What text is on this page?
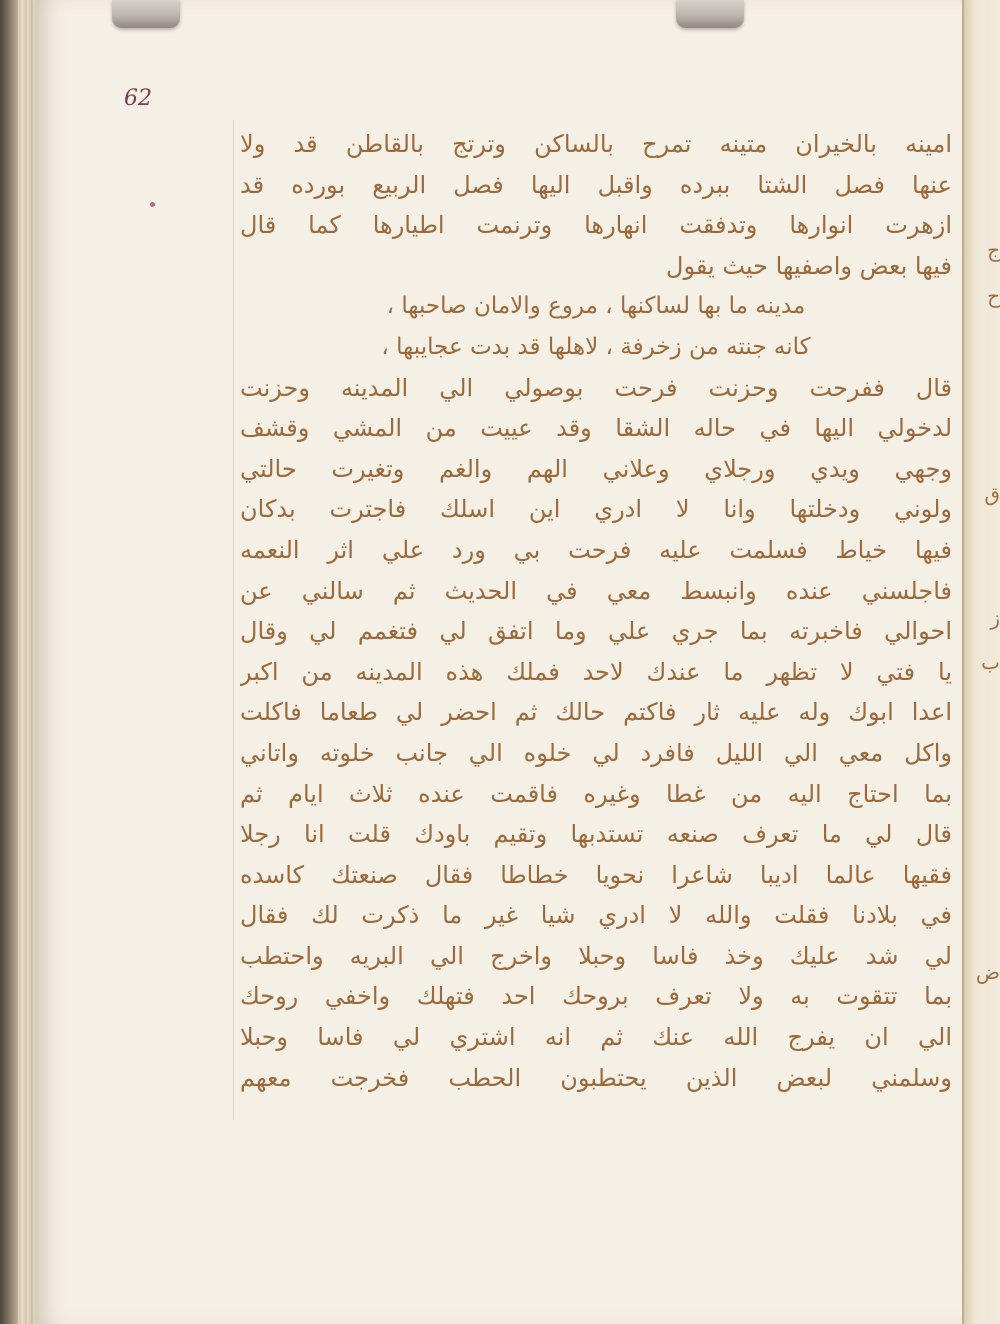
ج
ح
ق
ز
ب
ض
62
امينه بالخيران متينه تمرح بالساكن وترتج بالقاطن قد ولا
عنها فصل الشتا ببرده واقبل اليها فصل الربيع بورده قد
ازهرت انوارها وتدفقت انهارها وترنمت اطيارها كما قال
فيها بعض واصفيها حيث يقول
مدينه ما بها لساكنها ، مروع والامان صاحبها ،
كانه جنته من زخرفة ، لاهلها قد بدت عجايبها ،
قال ففرحت وحزنت فرحت بوصولي الي المدينه وحزنت
لدخولي اليها في حاله الشقا وقد عييت من المشي وقشف
وجهي ويدي ورجلاي وعلاني الهم والغم وتغيرت حالتي
ولوني ودخلتها وانا لا ادري اين اسلك فاجترت بدكان
فيها خياط فسلمت عليه فرحت بي ورد علي اثر النعمه
فاجلسني عنده وانبسط معي في الحديث ثم سالني عن
احوالي فاخبرته بما جري علي وما اتفق لي فتغمم لي وقال
يا فتي لا تظهر ما عندك لاحد فملك هذه المدينه من اكبر
اعدا ابوك وله عليه ثار فاكتم حالك ثم احضر لي طعاما فاكلت
واكل معي الي الليل فافرد لي خلوه الي جانب خلوته واتاني
بما احتاج اليه من غطا وغيره فاقمت عنده ثلاث ايام ثم
قال لي ما تعرف صنعه تستدبها وتقيم باودك قلت انا رجلا
فقيها عالما اديبا شاعرا نحويا خطاطا فقال صنعتك كاسده
في بلادنا فقلت والله لا ادري شيا غير ما ذكرت لك فقال
لي شد عليك وخذ فاسا وحبلا واخرج الي البريه واحتطب
بما تتقوت به ولا تعرف بروحك احد فتهلك واخفي روحك
الي ان يفرج الله عنك ثم انه اشتري لي فاسا وحبلا
وسلمني لبعض الذين يحتطبون الحطب فخرجت معهم
